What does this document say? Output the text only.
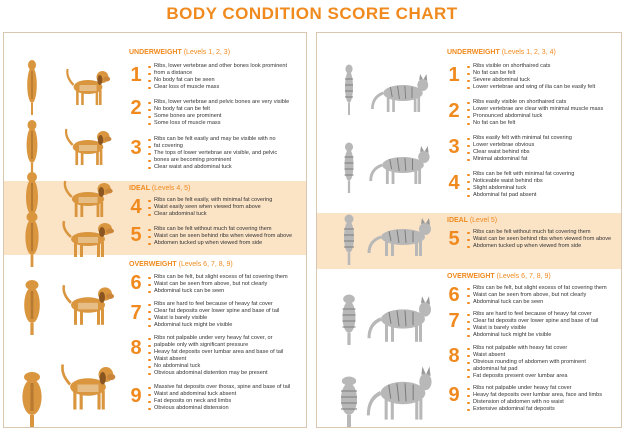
BODY CONDITION SCORE CHART
UNDERWEIGHT (Levels 1, 2, 3)
IDEAL (Levels 4, 5)
OVERWEIGHT (Levels 6, 7, 8, 9)
1
2
3
4
5
6
7
8
9
Ribs, lower vertebrae and other bones look prominent
from a distance
No body fat can be seen
Clear loss of muscle mass
Ribs, lower vertebrae and pelvic bones are very visible
No body fat can be felt
Some bones are prominent
Some loss of muscle mass
Ribs can be felt easily and may be visible with no
fat covering
The tops of lower vertebrae are visible, and pelvic
bones are becoming prominent
Clear waist and abdominal tuck
Ribs can be felt easily, with minimal fat covering
Waist easily seen when viewed from above
Clear abdominal tuck
Ribs can be felt without much fat covering them
Waist can be seen behind ribs when viewed from above
Abdomen tucked up when viewed from side
Ribs can be felt, but slight excess of fat covering them
Waist can be seen from above, but not clearly
Abdominal tuck can be seen
Ribs are hard to feel because of heavy fat cover
Clear fat deposits over lower spine and base of tail
Waist is barely visible
Abdominal tuck might be visible
Ribs not palpable under very heavy fat cover, or
palpable only with significant pressure
Heavy fat deposits over lumbar area and base of tail
Waist absent
No abdominal tuck
Obvious abdominal distention may be present
Massive fat deposits over thorax, spine and base of tail
Waist and abdominal tuck absent
Fat deposits on neck and limbs
Obvious abdominal distension
UNDERWEIGHT (Levels 1, 2, 3, 4)
IDEAL (Level 5)
OVERWEIGHT (Levels 6, 7, 8, 9)
1
2
3
4
5
6
7
8
9
Ribs visible on shorthaired cats
No fat can be felt
Severe abdominal tuck
Lower vertebrae and wing of ilia can be easily felt
Ribs easily visible on shorthaired cats
Lower vertebrae are clear with minimal muscle mass
Pronounced abdominal tuck
No fat can be felt
Ribs easily felt with minimal fat covering
Lower vertebrae obvious
Clear waist behind ribs
Minimal abdominal fat
Ribs can be felt with minimal fat covering
Noticeable waist behind ribs
Slight abdominal tuck
Abdominal fat pad absent
Ribs can be felt without much fat covering them
Waist can be seen behind ribs when viewed from above
Abdomen tucked up when viewed from side
Ribs can be felt, but slight excess of fat covering them
Waist can be seen from above, but not clearly
Abdominal tuck can be seen
Ribs are hard to feel because of heavy fat cover
Clear fat deposits over lower spine and base of tail
Waist is barely visible
Abdominal tuck might be visible
Ribs not palpable with heavy fat cover
Waist absent
Obvious rounding of abdomen with prominent
abdominal fat pad
Fat deposits present over lumbar area
Ribs not palpable under heavy fat cover
Heavy fat deposits over lumbar area, face and limbs
Distension of abdomen with no waist
Extensive abdominal fat deposits
